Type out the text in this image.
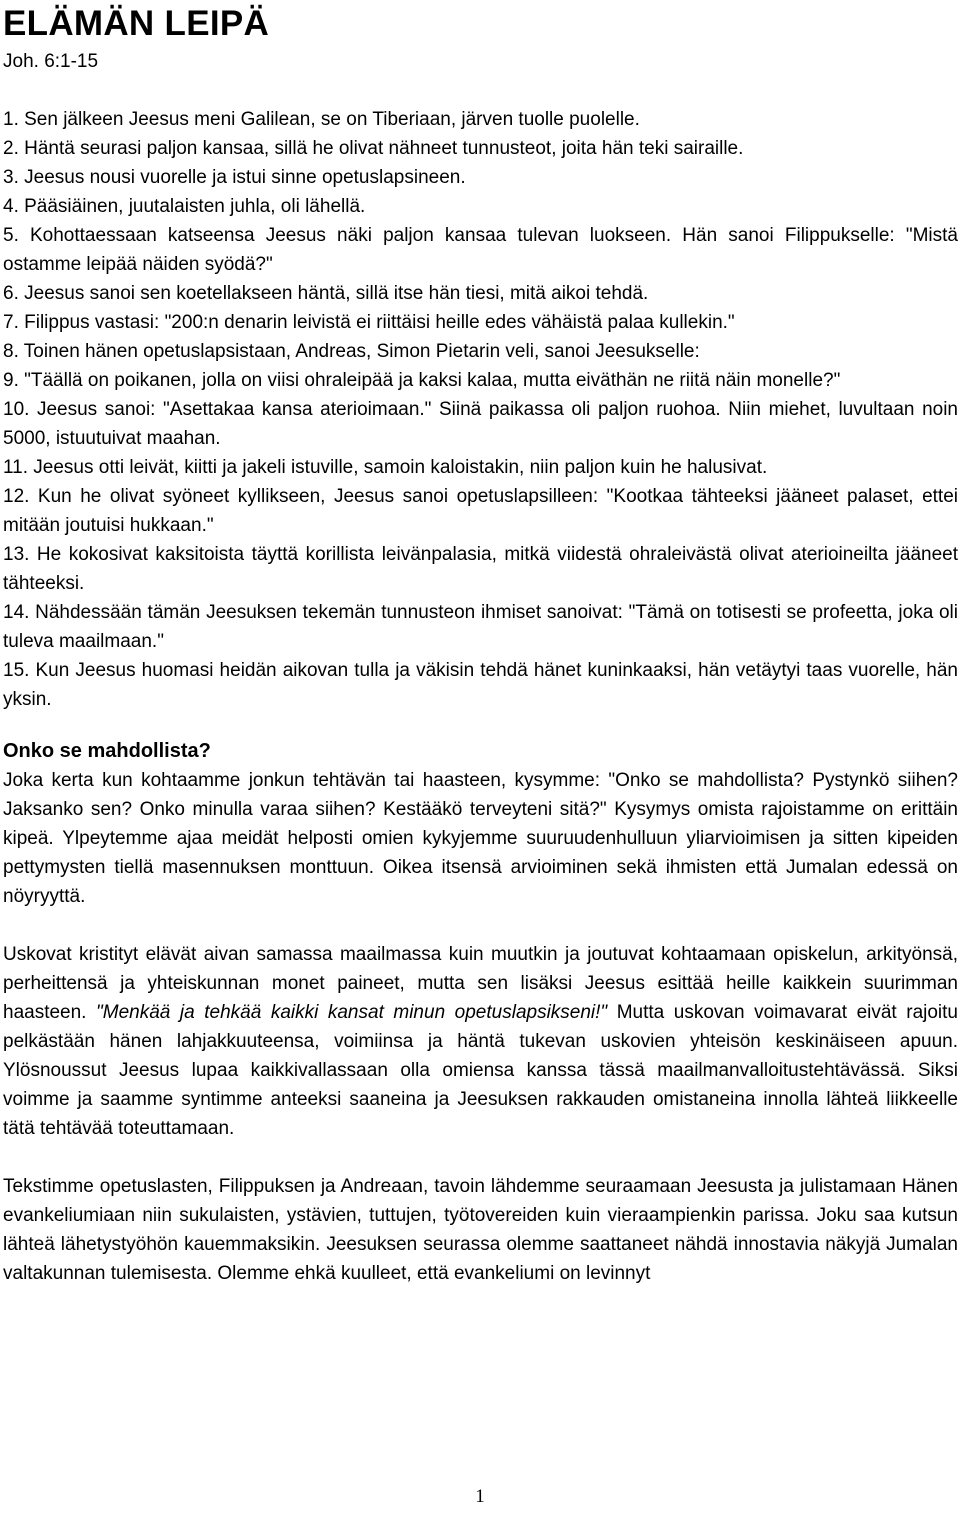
ELÄMÄN LEIPÄ

Joh. 6:1-15

1. Sen jälkeen Jeesus meni Galilean, se on Tiberiaan, järven tuolle puolelle.

2. Häntä seurasi paljon kansaa, sillä he olivat nähneet tunnusteot, joita hän teki sairaille.

3. Jeesus nousi vuorelle ja istui sinne opetuslapsineen.

4. Pääsiäinen, juutalaisten juhla, oli lähellä.

5. Kohottaessaan katseensa Jeesus näki paljon kansaa tulevan luokseen. Hän sanoi Filippukselle: "Mistä ostamme leipää näiden syödä?"

6. Jeesus sanoi sen koetellakseen häntä, sillä itse hän tiesi, mitä aikoi tehdä.

7. Filippus vastasi: "200:n denarin leivistä ei riittäisi heille edes vähäistä palaa kullekin."

8. Toinen hänen opetuslapsistaan, Andreas, Simon Pietarin veli, sanoi Jeesukselle:

9. "Täällä on poikanen, jolla on viisi ohraleipää ja kaksi kalaa, mutta eiväthän ne riitä näin monelle?"

10. Jeesus sanoi: "Asettakaa kansa aterioimaan." Siinä paikassa oli paljon ruohoa. Niin miehet, luvultaan noin 5000, istuutuivat maahan.

11. Jeesus otti leivät, kiitti ja jakeli istuville, samoin kaloistakin, niin paljon kuin he halusivat.

12. Kun he olivat syöneet kyllikseen, Jeesus sanoi opetuslapsilleen: "Kootkaa tähteeksi jääneet palaset, ettei mitään joutuisi hukkaan."

13. He kokosivat kaksitoista täyttä korillista leivänpalasia, mitkä viidestä ohraleivästä olivat aterioineilta jääneet tähteeksi.

14. Nähdessään tämän Jeesuksen tekemän tunnusteon ihmiset sanoivat: "Tämä on totisesti se profeetta, joka oli tuleva maailmaan."

15. Kun Jeesus huomasi heidän aikovan tulla ja väkisin tehdä hänet kuninkaaksi, hän vetäytyi taas vuorelle, hän yksin.

Onko se mahdollista?

Joka kerta kun kohtaamme jonkun tehtävän tai haasteen, kysymme: "Onko se mahdollista? Pystynkö siihen? Jaksanko sen? Onko minulla varaa siihen? Kestääkö terveyteni sitä?" Kysymys omista rajoistamme on erittäin kipeä. Ylpeytemme ajaa meidät helposti omien kykyjemme suuruudenhulluun yliarvioimisen ja sitten kipeiden pettymysten tiellä masennuksen monttuun. Oikea itsensä arvioiminen sekä ihmisten että Jumalan edessä on nöyryyttä.

Uskovat kristityt elävät aivan samassa maailmassa kuin muutkin ja joutuvat kohtaamaan opiskelun, arkityönsä, perheittensä ja yhteiskunnan monet paineet, mutta sen lisäksi Jeesus esittää heille kaikkein suurimman haasteen. "Menkää ja tehkää kaikki kansat minun opetuslapsikseni!" Mutta uskovan voimavarat eivät rajoitu pelkästään hänen lahjakkuuteensa, voimiinsa ja häntä tukevan uskovien yhteisön keskinäiseen apuun. Ylösnoussut Jeesus lupaa kaikkivallassaan olla omiensa kanssa tässä maailmanvalloitustehtävässä. Siksi voimme ja saamme syntimme anteeksi saaneina ja Jeesuksen rakkauden omistaneina innolla lähteä liikkeelle tätä tehtävää toteuttamaan.

Tekstimme opetuslasten, Filippuksen ja Andreaan, tavoin lähdemme seuraamaan Jeesusta ja julistamaan Hänen evankeliumiaan niin sukulaisten, ystävien, tuttujen, työtovereiden kuin vieraampienkin parissa. Joku saa kutsun lähteä lähetystyöhön kauemmaksikin. Jeesuksen seurassa olemme saattaneet nähdä innostavia näkyjä Jumalan valtakunnan tulemisesta. Olemme ehkä kuulleet, että evankeliumi on levinnyt

1
